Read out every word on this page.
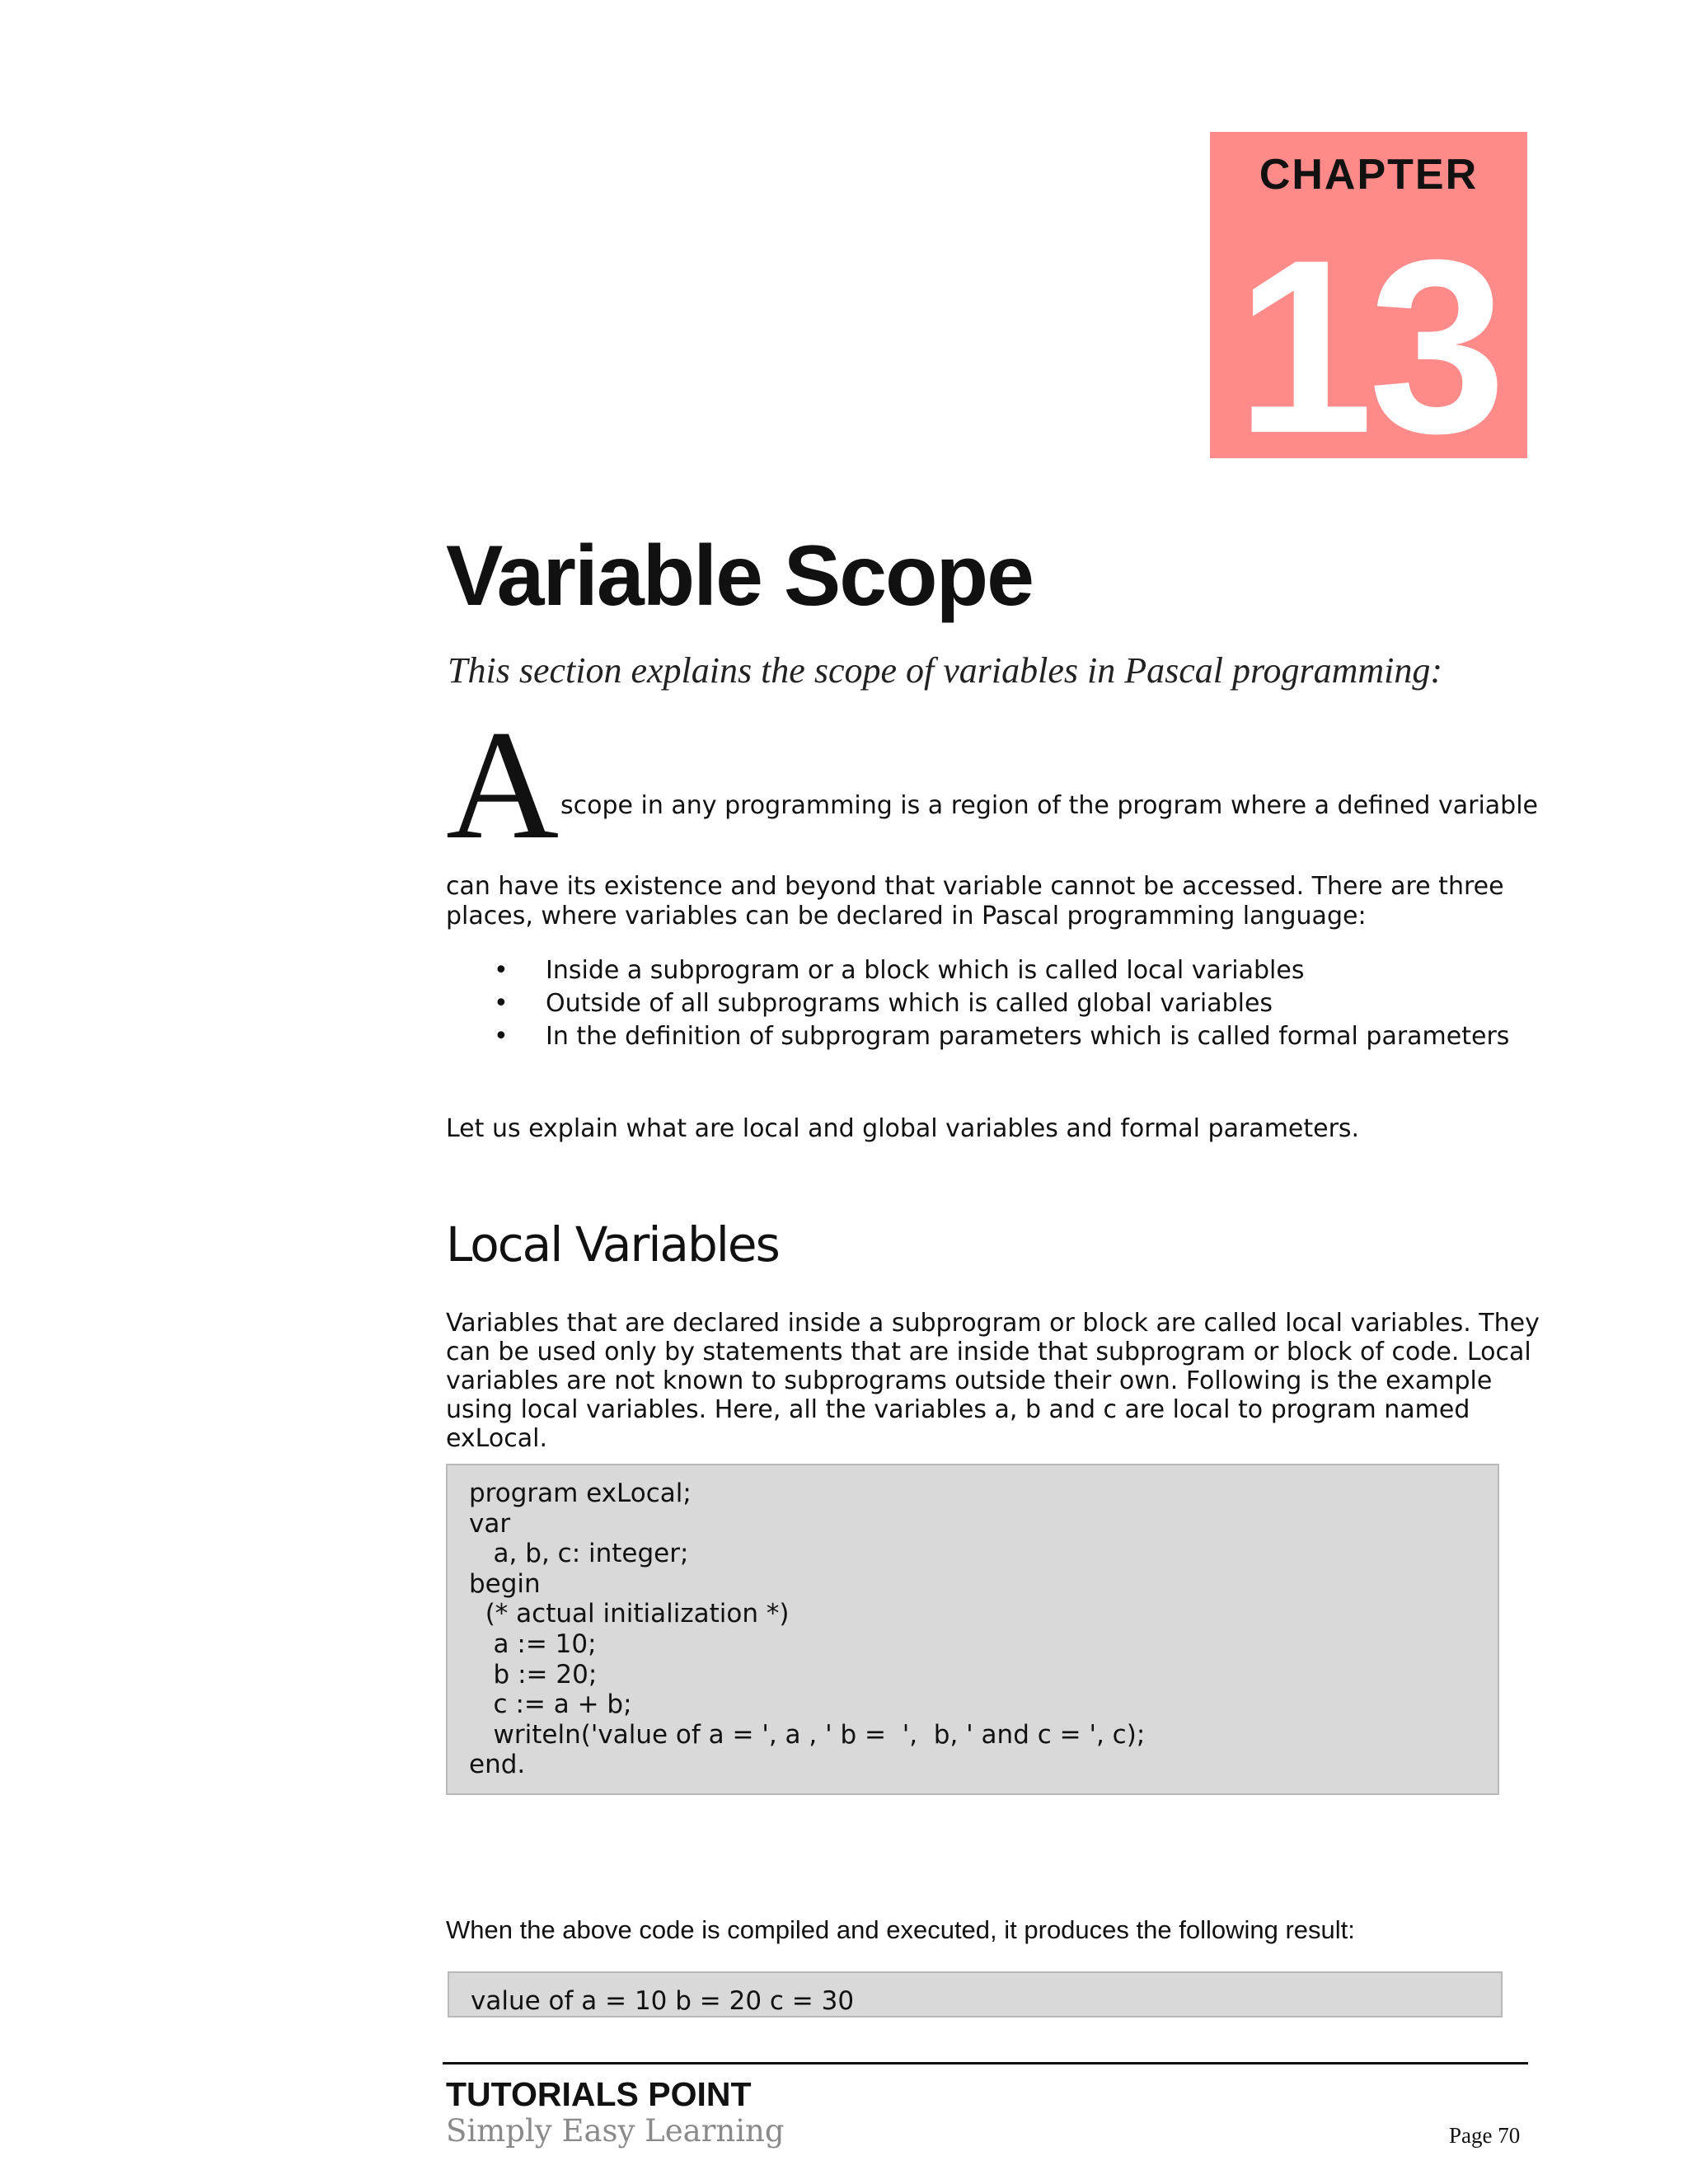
CHAPTER
13
Variable Scope

This section explains the scope of variables in Pascal programming:

A scope in any programming is a region of the program where a defined variable

can have its existence and beyond that variable cannot be accessed. There are three places, where variables can be declared in Pascal programming language:

• Inside a subprogram or a block which is called local variables
• Outside of all subprograms which is called global variables
• In the definition of subprogram parameters which is called formal parameters

Let us explain what are local and global variables and formal parameters.

Local Variables

Variables that are declared inside a subprogram or block are called local variables. They can be used only by statements that are inside that subprogram or block of code. Local variables are not known to subprograms outside their own. Following is the example using local variables. Here, all the variables a, b and c are local to program named exLocal.

program exLocal;
var
a, b, c: integer;
begin
(* actual initialization *)
a := 10;
b := 20;
c := a + b;
writeln('value of a = ', a , ' b =  ',  b, ' and c = ', c);
end.

When the above code is compiled and executed, it produces the following result:

value of a = 10 b = 20 c = 30

TUTORIALS POINT

Simply Easy Learning	Page 70
